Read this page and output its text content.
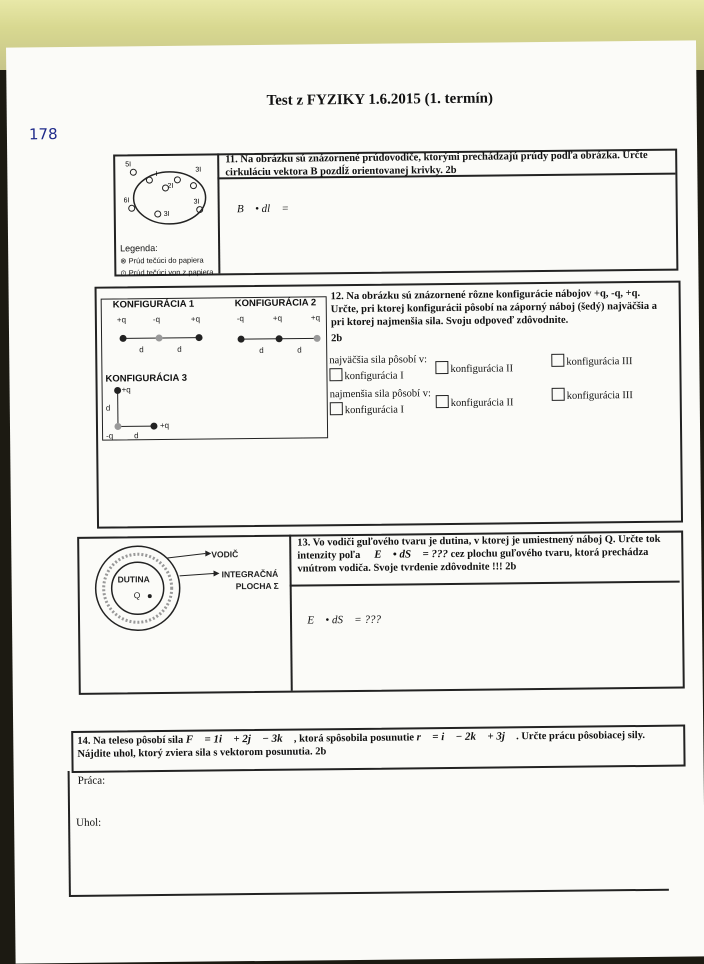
Test z FYZIKY 1.6.2015 (1. termín)
178
11. Na obrázku sú znázornené prúdovodiče, ktorými prechádzajú prúdy podľa obrázka. Určte cirkuláciu vektora B pozdĺž orientovanej krivky. 2b
∮ B⃗ • dl⃗ =
5I
3I
I
2I
6I
3I
3I
Legenda:
⊗ Prúd tečúci do papiera
⊙ Prúd tečúci von z papiera
KONFIGURÁCIA 1	KONFIGURÁCIA 2
KONFIGURÁCIA 3
+q	-q	+q
d	d
-q	+q	+q
d	d
+q
-q
+q
d
d
12. Na obrázku sú znázornené rôzne konfigurácie nábojov +q, -q, +q. Určte, pri ktorej konfigurácii pôsobí na záporný náboj (šedý) najväčšia a pri ktorej najmenšia sila. Svoju odpoveď zdôvodnite.
2b
najväčšia sila pôsobí v:
konfigurácia I
konfigurácia II
konfigurácia III
najmenšia sila pôsobí v:
konfigurácia I
konfigurácia II
konfigurácia III
VODIČ
INTEGRAČNÁ
PLOCHA Σ
DUTINA
Q
13. Vo vodiči guľového tvaru je dutina, v ktorej je umiestnený náboj Q. Určte tok intenzity poľa ∮ E⃗ • dS⃗ = ??? cez plochu guľového tvaru, ktorá prechádza vnútrom vodiča. Svoje tvrdenie zdôvodnite !!! 2b
∮ E⃗ • dS⃗ = ???
14. Na teleso pôsobí sila F⃗ = 1i⃗ + 2j⃗ − 3k⃗ , ktorá spôsobila posunutie r⃗ = i⃗ − 2k⃗ + 3j⃗ . Určte prácu pôsobiacej sily. Nájdite uhol, ktorý zviera sila s vektorom posunutia. 2b
Práca:
Uhol:
